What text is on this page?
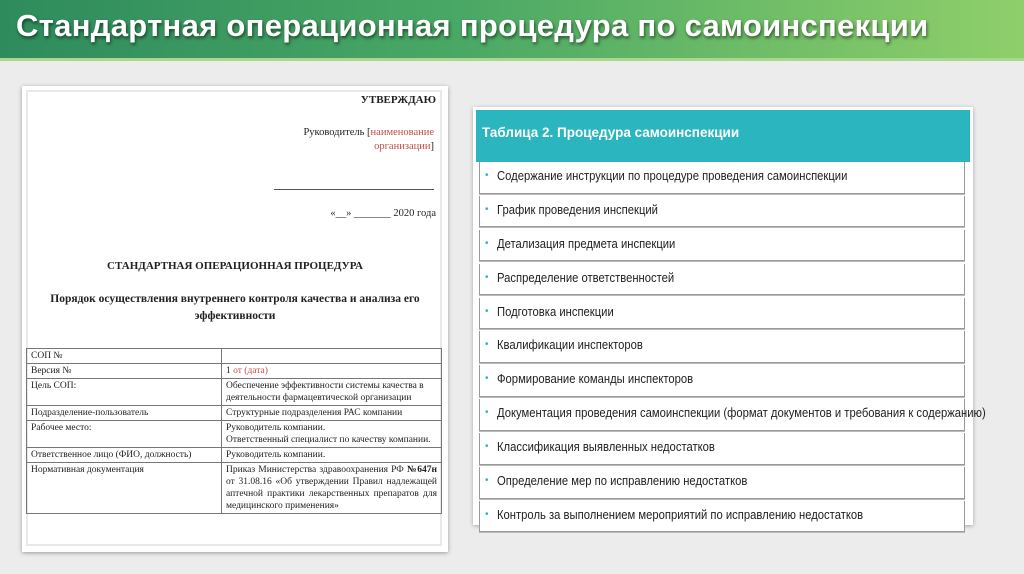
Стандартная операционная процедура по самоинспекции
УТВЕРЖДАЮ
Руководитель [наименование
организации]
«__» _______ 2020 года
СТАНДАРТНАЯ ОПЕРАЦИОННАЯ ПРОЦЕДУРА
Порядок осуществления внутреннего контроля качества и анализа его эффективности
СОП №	
Версия №	1 от (дата)
Цель СОП:	Обеспечение эффективности системы качества в деятельности фармацевтической организации
Подразделение-пользователь	Структурные подразделения РАС компании
Рабочее место:	Руководитель компании.
Ответственный специалист по качеству компании.
Ответственное лицо (ФИО, должность)	Руководитель компании.
Нормативная документация	Приказ Министерства здравоохранения РФ №647н от 31.08.16 «Об утверждении Правил надлежащей аптечной практики лекарственных препаратов для медицинского применения»
Таблица 2. Процедура самоинспекции
• Содержание инструкции по процедуре проведения самоинспекции
• График проведения инспекций
• Детализация предмета инспекции
• Распределение ответственностей
• Подготовка инспекции
• Квалификации инспекторов
• Формирование команды инспекторов
• Документация проведения самоинспекции (формат документов и требования к содержанию)
• Классификация выявленных недостатков
• Определение мер по исправлению недостатков
• Контроль за выполнением мероприятий по исправлению недостатков
